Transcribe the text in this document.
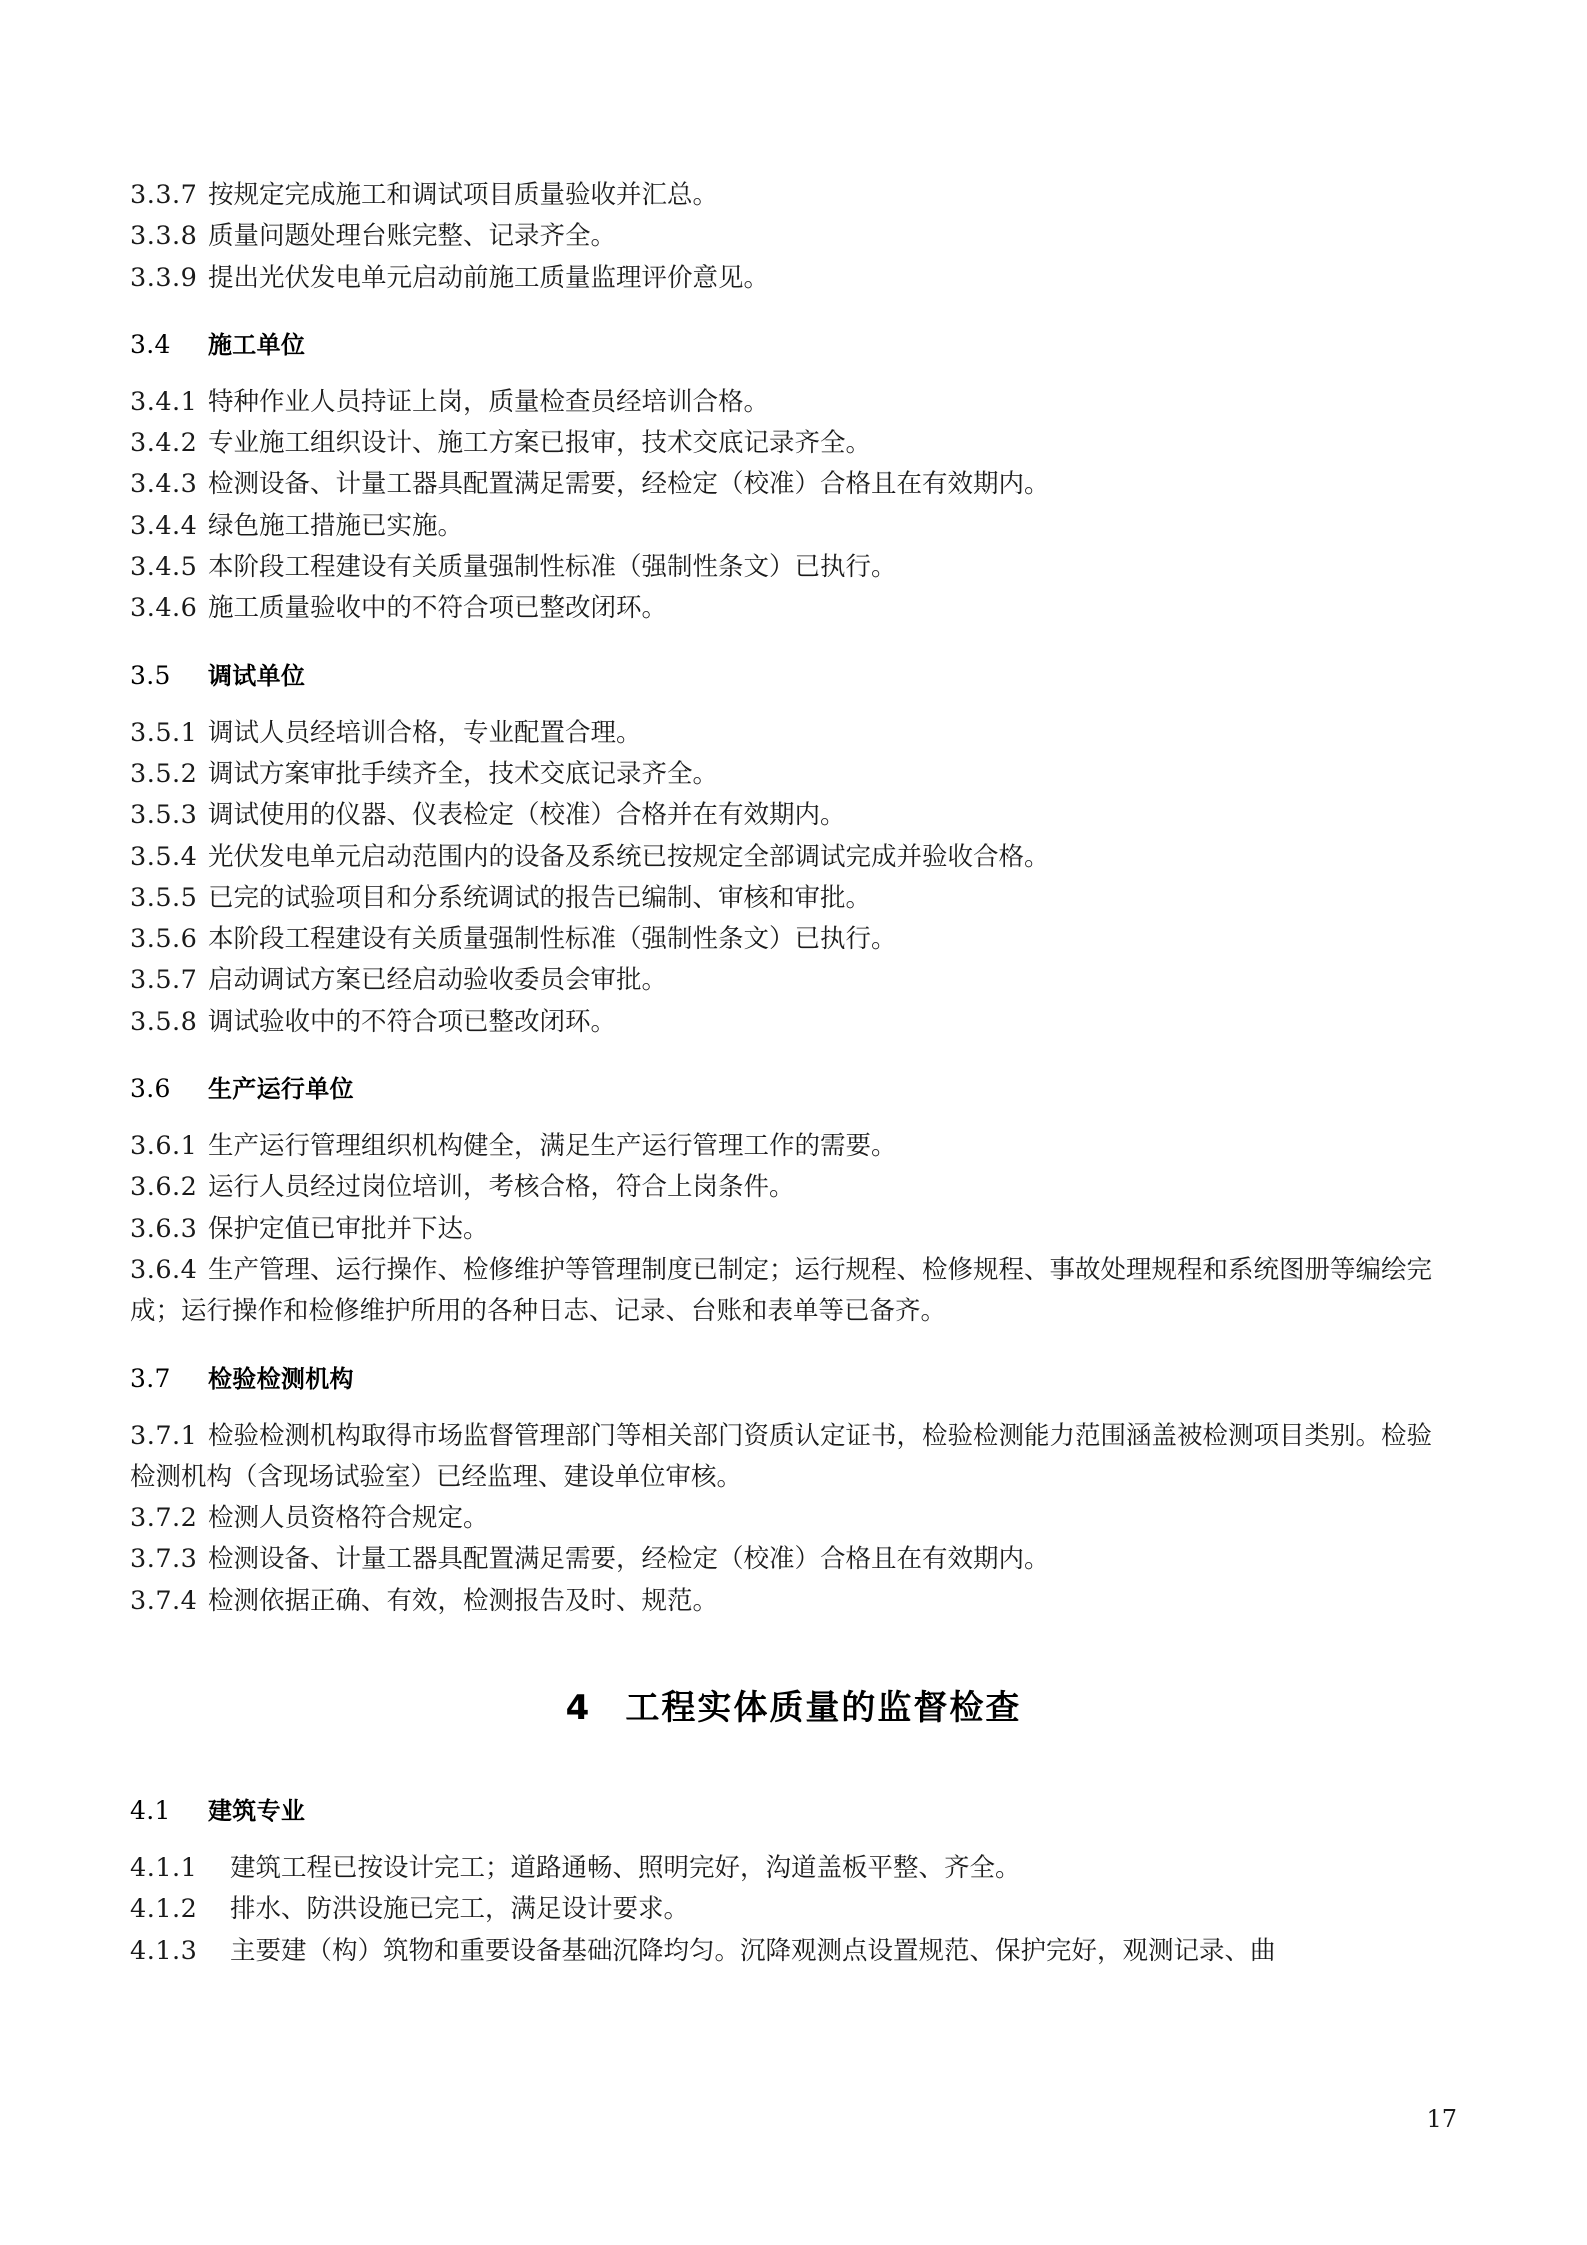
3.3.7 按规定完成施工和调试项目质量验收并汇总。
3.3.8 质量问题处理台账完整、记录齐全。
3.3.9 提出光伏发电单元启动前施工质量监理评价意见。
3.4 施工单位
3.4.1 特种作业人员持证上岗，质量检查员经培训合格。
3.4.2 专业施工组织设计、施工方案已报审，技术交底记录齐全。
3.4.3 检测设备、计量工器具配置满足需要，经检定（校准）合格且在有效期内。
3.4.4 绿色施工措施已实施。
3.4.5 本阶段工程建设有关质量强制性标准（强制性条文）已执行。
3.4.6 施工质量验收中的不符合项已整改闭环。
3.5 调试单位
3.5.1 调试人员经培训合格，专业配置合理。
3.5.2 调试方案审批手续齐全，技术交底记录齐全。
3.5.3 调试使用的仪器、仪表检定（校准）合格并在有效期内。
3.5.4 光伏发电单元启动范围内的设备及系统已按规定全部调试完成并验收合格。
3.5.5 已完的试验项目和分系统调试的报告已编制、审核和审批。
3.5.6 本阶段工程建设有关质量强制性标准（强制性条文）已执行。
3.5.7 启动调试方案已经启动验收委员会审批。
3.5.8 调试验收中的不符合项已整改闭环。
3.6 生产运行单位
3.6.1 生产运行管理组织机构健全，满足生产运行管理工作的需要。
3.6.2 运行人员经过岗位培训，考核合格，符合上岗条件。
3.6.3 保护定值已审批并下达。

3.6.4 生产管理、运行操作、检修维护等管理制度已制定；运行规程、检修规程、事故处理规程和系统图册等编绘完成；运行操作和检修维护所用的各种日志、记录、台账和表单等已备齐。

3.7 检验检测机构

3.7.1 检验检测机构取得市场监督管理部门等相关部门资质认定证书，检验检测能力范围涵盖被检测项目类别。检验检测机构（含现场试验室）已经监理、建设单位审核。

3.7.2 检测人员资格符合规定。
3.7.3 检测设备、计量工器具配置满足需要，经检定（校准）合格且在有效期内。
3.7.4 检测依据正确、有效，检测报告及时、规范。
4 工程实体质量的监督检查
4.1 建筑专业
4.1.1 建筑工程已按设计完工；道路通畅、照明完好，沟道盖板平整、齐全。
4.1.2 排水、防洪设施已完工，满足设计要求。
4.1.3 主要建（构）筑物和重要设备基础沉降均匀。沉降观测点设置规范、保护完好，观测记录、曲
17
